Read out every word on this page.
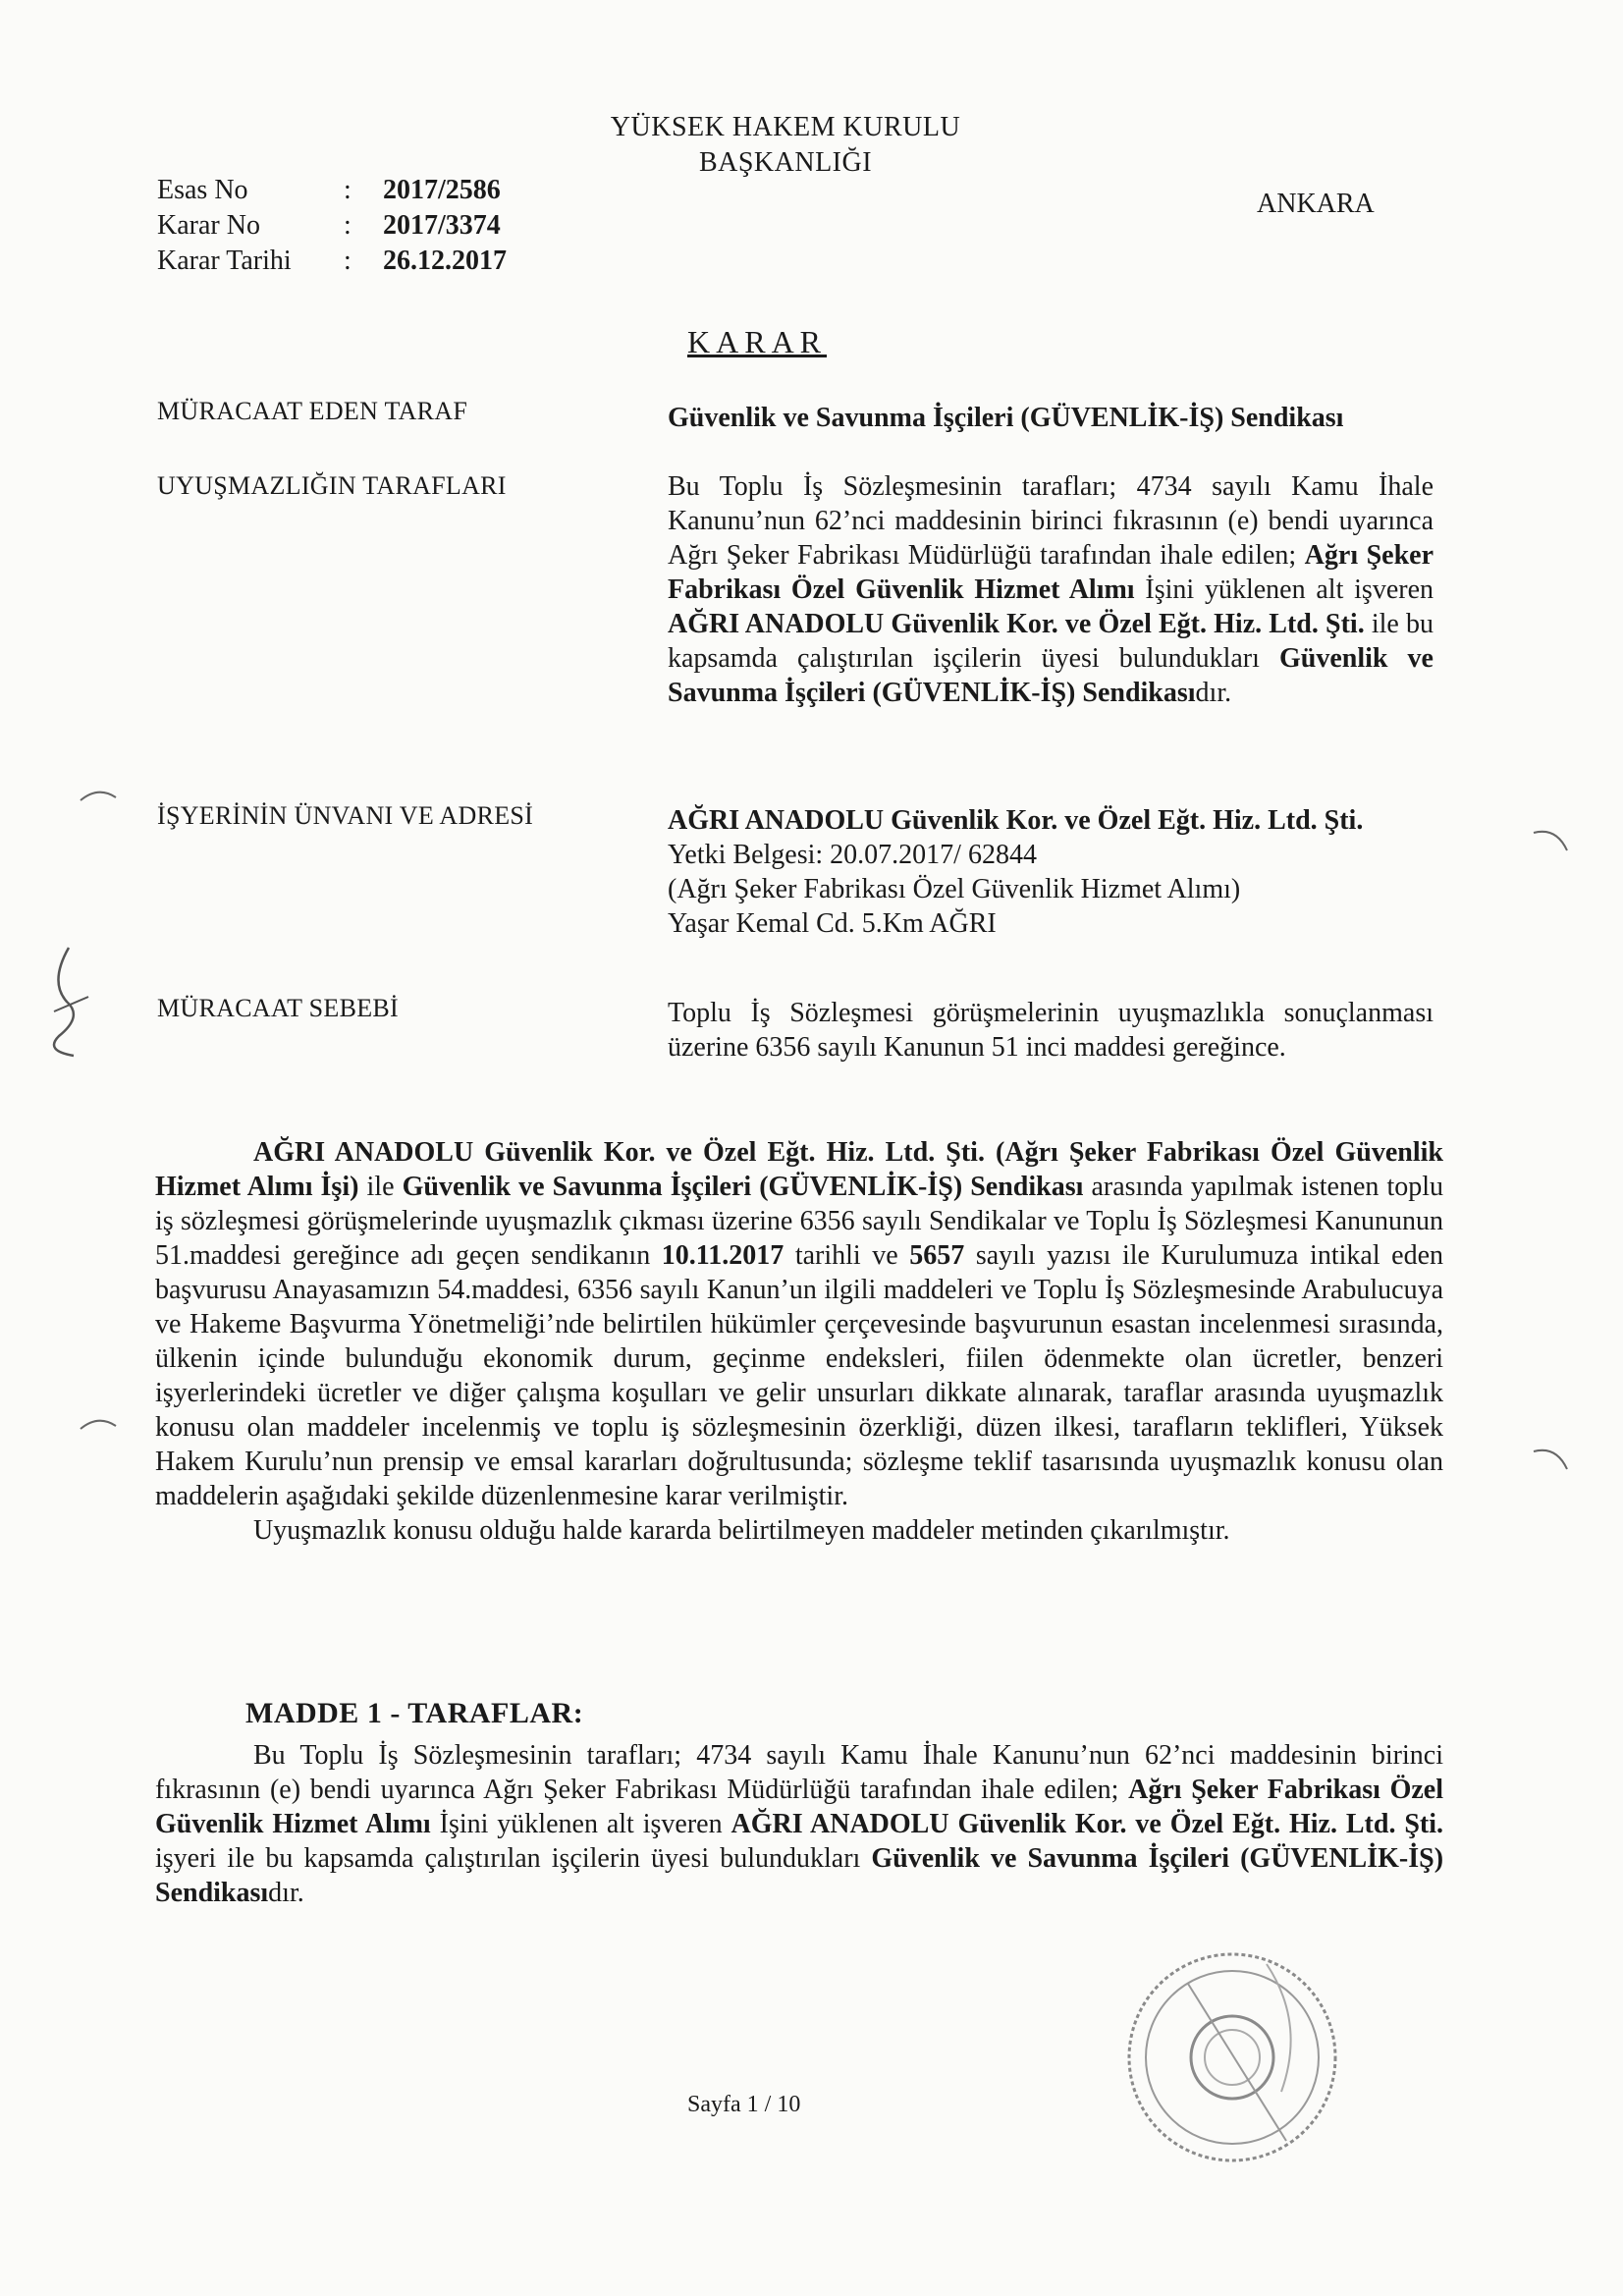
YÜKSEK HAKEM KURULU
BAŞKANLIĞI
Esas No	:	2017/2586
Karar No	:	2017/3374
Karar Tarihi	:	26.12.2017
ANKARA
KARAR
MÜRACAAT EDEN TARAF	Güvenlik ve Savunma İşçileri (GÜVENLİK-İŞ) Sendikası

UYUŞMAZLIĞIN TARAFLARI	Bu Toplu İş Sözleşmesinin tarafları; 4734 sayılı Kamu İhale Kanunu’nun 62’nci maddesinin birinci fıkrasının (e) bendi uyarınca Ağrı Şeker Fabrikası Müdürlüğü tarafından ihale edilen; Ağrı Şeker Fabrikası Özel Güvenlik Hizmet Alımı İşini yüklenen alt işveren AĞRI ANADOLU Güvenlik Kor. ve Özel Eğt. Hiz. Ltd. Şti. ile bu kapsamda çalıştırılan işçilerin üyesi bulundukları Güvenlik ve Savunma İşçileri (GÜVENLİK-İŞ) Sendikasıdır.

İŞYERİNİN ÜNVANI VE ADRESİ	AĞRI ANADOLU Güvenlik Kor. ve Özel Eğt. Hiz. Ltd. Şti.

Yetki Belgesi: 20.07.2017/ 62844

(Ağrı Şeker Fabrikası Özel Güvenlik Hizmet Alımı)

Yaşar Kemal Cd. 5.Km AĞRI

MÜRACAAT SEBEBİ	Toplu İş Sözleşmesi görüşmelerinin uyuşmazlıkla sonuçlanması üzerine 6356 sayılı Kanunun 51 inci maddesi gereğince.

AĞRI ANADOLU Güvenlik Kor. ve Özel Eğt. Hiz. Ltd. Şti. (Ağrı Şeker Fabrikası Özel Güvenlik Hizmet Alımı İşi) ile Güvenlik ve Savunma İşçileri (GÜVENLİK-İŞ) Sendikası arasında yapılmak istenen toplu iş sözleşmesi görüşmelerinde uyuşmazlık çıkması üzerine 6356 sayılı Sendikalar ve Toplu İş Sözleşmesi Kanununun 51.maddesi gereğince adı geçen sendikanın 10.11.2017 tarihli ve 5657 sayılı yazısı ile Kurulumuza intikal eden başvurusu Anayasamızın 54.maddesi, 6356 sayılı Kanun’un ilgili maddeleri ve Toplu İş Sözleşmesinde Arabulucuya ve Hakeme Başvurma Yönetmeliği’nde belirtilen hükümler çerçevesinde başvurunun esastan incelenmesi sırasında, ülkenin içinde bulunduğu ekonomik durum, geçinme endeksleri, fiilen ödenmekte olan ücretler, benzeri işyerlerindeki ücretler ve diğer çalışma koşulları ve gelir unsurları dikkate alınarak, taraflar arasında uyuşmazlık konusu olan maddeler incelenmiş ve toplu iş sözleşmesinin özerkliği, düzen ilkesi, tarafların teklifleri, Yüksek Hakem Kurulu’nun prensip ve emsal kararları doğrultusunda; sözleşme teklif tasarısında uyuşmazlık konusu olan maddelerin aşağıdaki şekilde düzenlenmesine karar verilmiştir.

Uyuşmazlık konusu olduğu halde kararda belirtilmeyen maddeler metinden çıkarılmıştır.

MADDE 1 - TARAFLAR:

Bu Toplu İş Sözleşmesinin tarafları; 4734 sayılı Kamu İhale Kanunu’nun 62’nci maddesinin birinci fıkrasının (e) bendi uyarınca Ağrı Şeker Fabrikası Müdürlüğü tarafından ihale edilen; Ağrı Şeker Fabrikası Özel Güvenlik Hizmet Alımı İşini yüklenen alt işveren AĞRI ANADOLU Güvenlik Kor. ve Özel Eğt. Hiz. Ltd. Şti. işyeri ile bu kapsamda çalıştırılan işçilerin üyesi bulundukları Güvenlik ve Savunma İşçileri (GÜVENLİK-İŞ) Sendikasıdır.

Sayfa 1 / 10
